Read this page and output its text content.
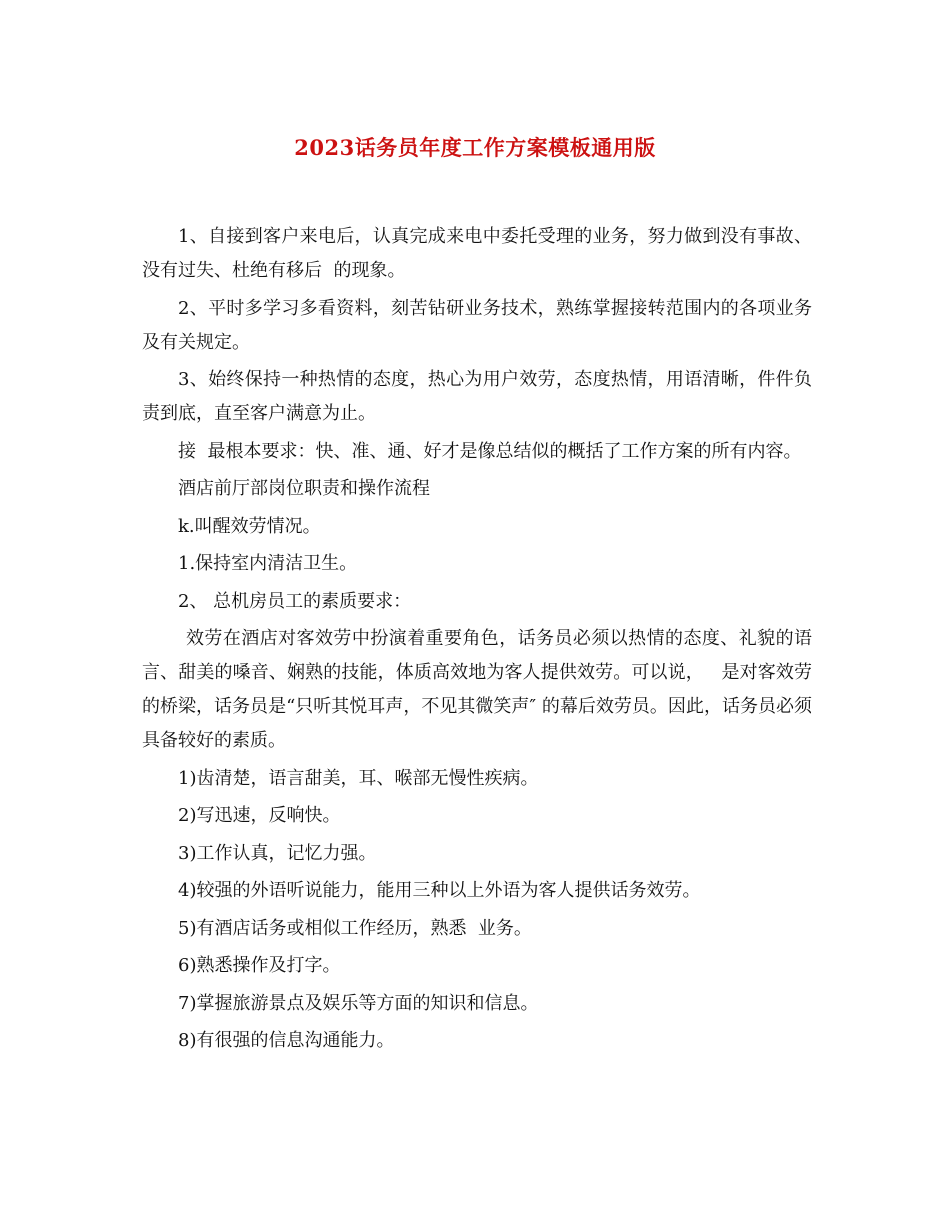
2023话务员年度工作方案模板通用版
1、自接到客户来电后，认真完成来电中委托受理的业务，努力做到没有事故、没有过失、杜绝有移后  的现象。
2、平时多学习多看资料，刻苦钻研业务技术，熟练掌握接转范围内的各项业务及有关规定。
3、始终保持一种热情的态度，热心为用户效劳，态度热情，用语清晰，件件负责到底，直至客户满意为止。
接  最根本要求：快、准、通、好才是像总结似的概括了工作方案的所有内容。
酒店前厅部岗位职责和操作流程
k.叫醒效劳情况。
1.保持室内清洁卫生。
2、 总机房员工的素质要求：
效劳在酒店对客效劳中扮演着重要角色，话务员必须以热情的态度、礼貌的语言、甜美的嗓音、娴熟的技能，体质高效地为客人提供效劳。可以说，   是对客效劳的桥梁，话务员是“只听其悦耳声，不见其微笑声″ 的幕后效劳员。因此，话务员必须具备较好的素质。
1)齿清楚，语言甜美，耳、喉部无慢性疾病。
2)写迅速，反响快。
3)工作认真，记忆力强。
4)较强的外语听说能力，能用三种以上外语为客人提供话务效劳。
5)有酒店话务或相似工作经历，熟悉  业务。
6)熟悉操作及打字。
7)掌握旅游景点及娱乐等方面的知识和信息。
8)有很强的信息沟通能力。
